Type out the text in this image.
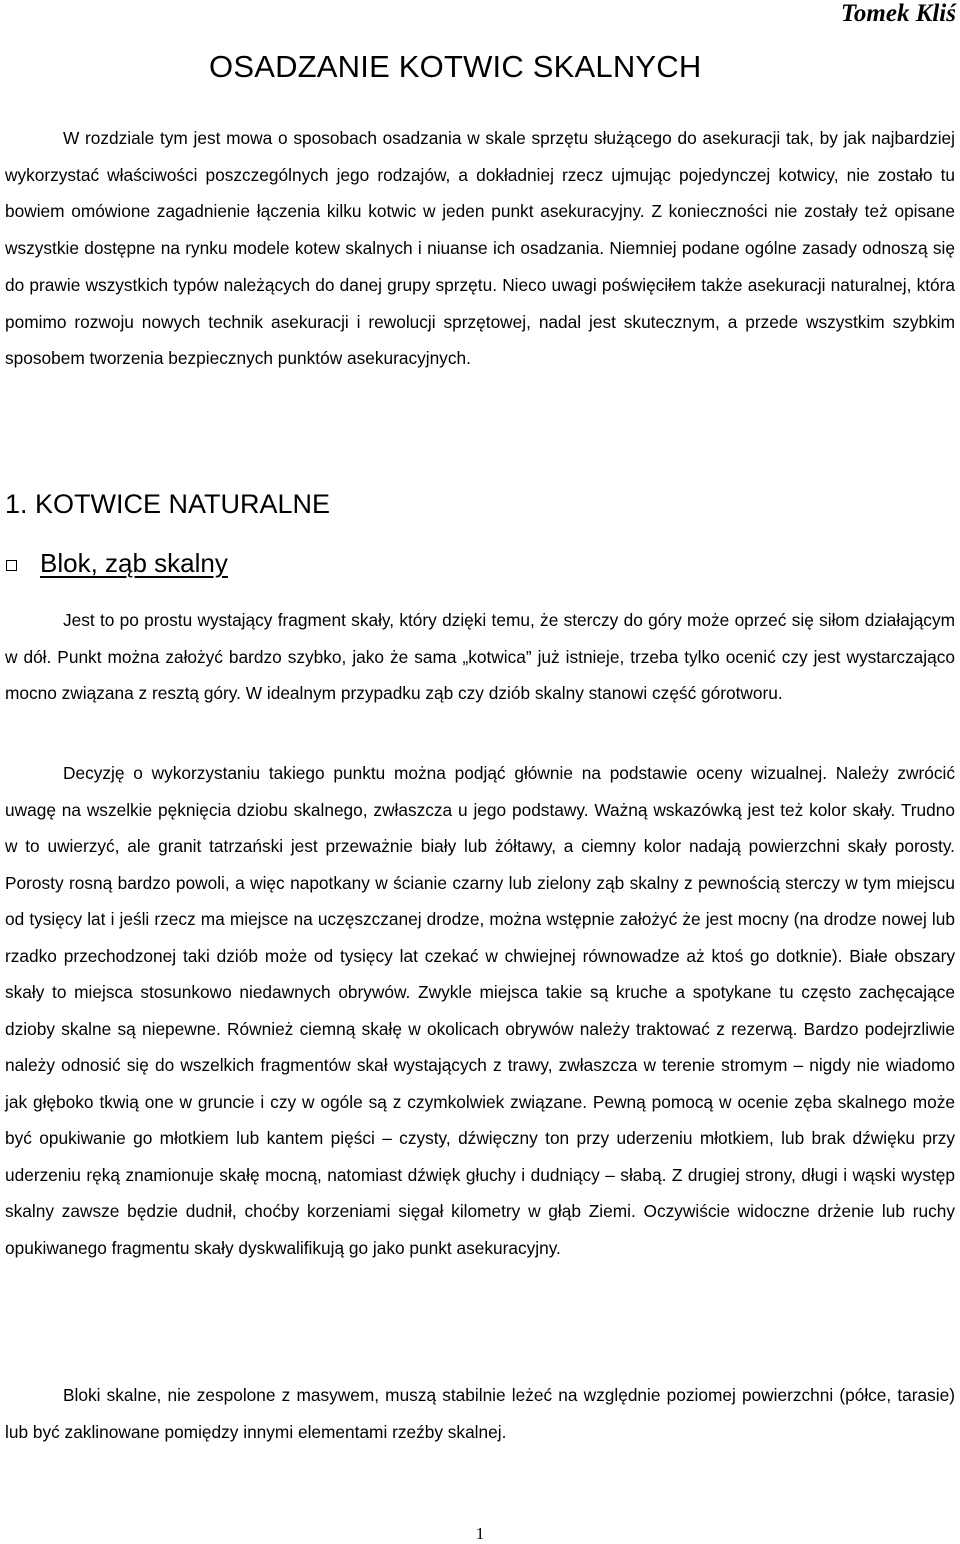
Tomek Kliś

OSADZANIE KOTWIC SKALNYCH

W rozdziale tym jest mowa o sposobach osadzania w skale sprzętu służącego do asekuracji tak, by jak najbardziej wykorzystać właściwości poszczególnych jego rodzajów, a dokładniej rzecz ujmując pojedynczej kotwicy, nie zostało tu bowiem omówione zagadnienie łączenia kilku kotwic w jeden punkt asekuracyjny. Z konieczności nie zostały też opisane wszystkie dostępne na rynku modele kotew skalnych i niuanse ich osadzania. Niemniej podane ogólne zasady odnoszą się do prawie wszystkich typów należących do danej grupy sprzętu. Nieco uwagi poświęciłem także asekuracji naturalnej, która pomimo rozwoju nowych technik asekuracji i rewolucji sprzętowej, nadal jest skutecznym, a przede wszystkim szybkim sposobem tworzenia bezpiecznych punktów asekuracyjnych.

1. KOTWICE NATURALNE
Blok, ząb skalny

Jest to po prostu wystający fragment skały, który dzięki temu, że sterczy do góry może oprzeć się siłom działającym w dół. Punkt można założyć bardzo szybko, jako że sama „kotwica” już istnieje, trzeba tylko ocenić czy jest wystarczająco mocno związana z resztą góry. W idealnym przypadku ząb czy dziób skalny stanowi część górotworu.

Decyzję o wykorzystaniu takiego punktu można podjąć głównie na podstawie oceny wizualnej. Należy zwrócić uwagę na wszelkie pęknięcia dziobu skalnego, zwłaszcza u jego podstawy. Ważną wskazówką jest też kolor skały. Trudno w to uwierzyć, ale granit tatrzański jest przeważnie biały lub żółtawy, a ciemny kolor nadają powierzchni skały porosty. Porosty rosną bardzo powoli, a więc napotkany w ścianie czarny lub zielony ząb skalny z pewnością sterczy w tym miejscu od tysięcy lat i jeśli rzecz ma miejsce na uczęszczanej drodze, można wstępnie założyć że jest mocny (na drodze nowej lub rzadko przechodzonej taki dziób może od tysięcy lat czekać w chwiejnej równowadze aż ktoś go dotknie). Białe obszary skały to miejsca stosunkowo niedawnych obrywów. Zwykle miejsca takie są kruche a spotykane tu często zachęcające dzioby skalne są niepewne. Również ciemną skałę w okolicach obrywów należy traktować z rezerwą. Bardzo podejrzliwie należy odnosić się do wszelkich fragmentów skał wystających z trawy, zwłaszcza w terenie stromym – nigdy nie wiadomo jak głęboko tkwią one w gruncie i czy w ogóle są z czymkolwiek związane. Pewną pomocą w ocenie zęba skalnego może być opukiwanie go młotkiem lub kantem pięści – czysty, dźwięczny ton przy uderzeniu młotkiem, lub brak dźwięku przy uderzeniu ręką znamionuje skałę mocną, natomiast dźwięk głuchy i dudniący – słabą. Z drugiej strony, długi i wąski występ skalny zawsze będzie dudnił, choćby korzeniami sięgał kilometry w głąb Ziemi. Oczywiście widoczne drżenie lub ruchy opukiwanego fragmentu skały dyskwalifikują go jako punkt asekuracyjny.

Bloki skalne, nie zespolone z masywem, muszą stabilnie leżeć na względnie poziomej powierzchni (półce, tarasie) lub być zaklinowane pomiędzy innymi elementami rzeźby skalnej.

1
